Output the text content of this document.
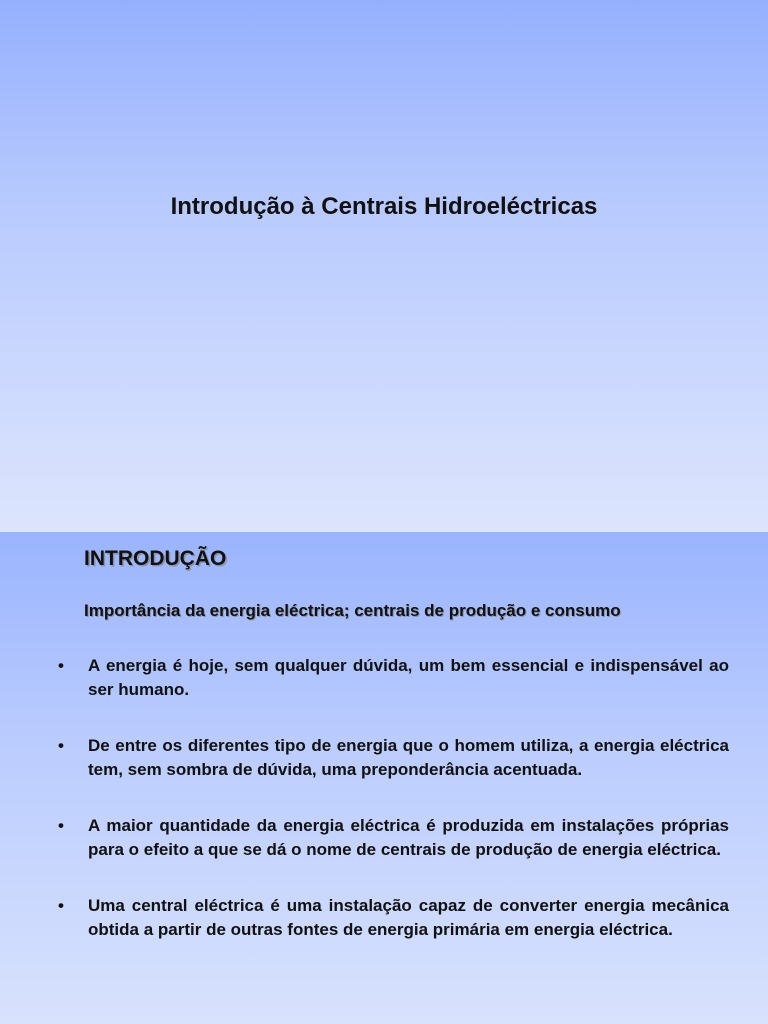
Introdução à Centrais Hidroeléctricas
INTRODUÇÃO

Importância da energia eléctrica; centrais de produção e consumo

• A energia é hoje, sem qualquer dúvida, um bem essencial e indispensável ao ser humano.
• De entre os diferentes tipo de energia que o homem utiliza, a energia eléctrica tem, sem sombra de dúvida, uma preponderância acentuada.
• A maior quantidade da energia eléctrica é produzida em instalações próprias para o efeito a que se dá o nome de centrais de produção de energia eléctrica.
• Uma central eléctrica é uma instalação capaz de converter energia mecânica obtida a partir de outras fontes de energia primária em energia eléctrica.
